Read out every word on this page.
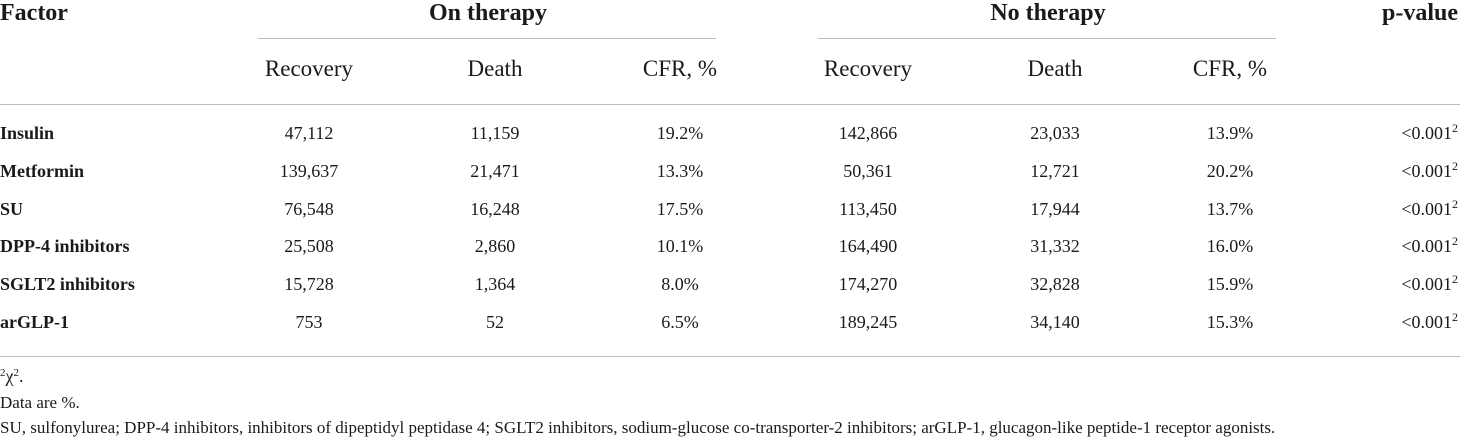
Factor	On therapy	No therapy	p-value
Recovery	Death	CFR, %	Recovery	Death	CFR, %
Insulin	47,112	11,159	19.2%	142,866	23,033	13.9%	$<0.001^2$
Metformin	139,637	21,471	13.3%	50,361	12,721	20.2%	$<0.001^2$
SU	76,548	16,248	17.5%	113,450	17,944	13.7%	$<0.001^2$
DPP-4 inhibitors	25,508	2,860	10.1%	164,490	31,332	16.0%	$<0.001^2$
SGLT2 inhibitors	15,728	1,364	8.0%	174,270	32,828	15.9%	$<0.001^2$
arGLP-1	753	52	6.5%	189,245	34,140	15.3%	$<0.001^2$
$^2\chi^2$.
Data are %.
SU, sulfonylurea; DPP-4 inhibitors, inhibitors of dipeptidyl peptidase 4; SGLT2 inhibitors, sodium-glucose co-transporter-2 inhibitors; arGLP-1, glucagon-like peptide-1 receptor agonists.
